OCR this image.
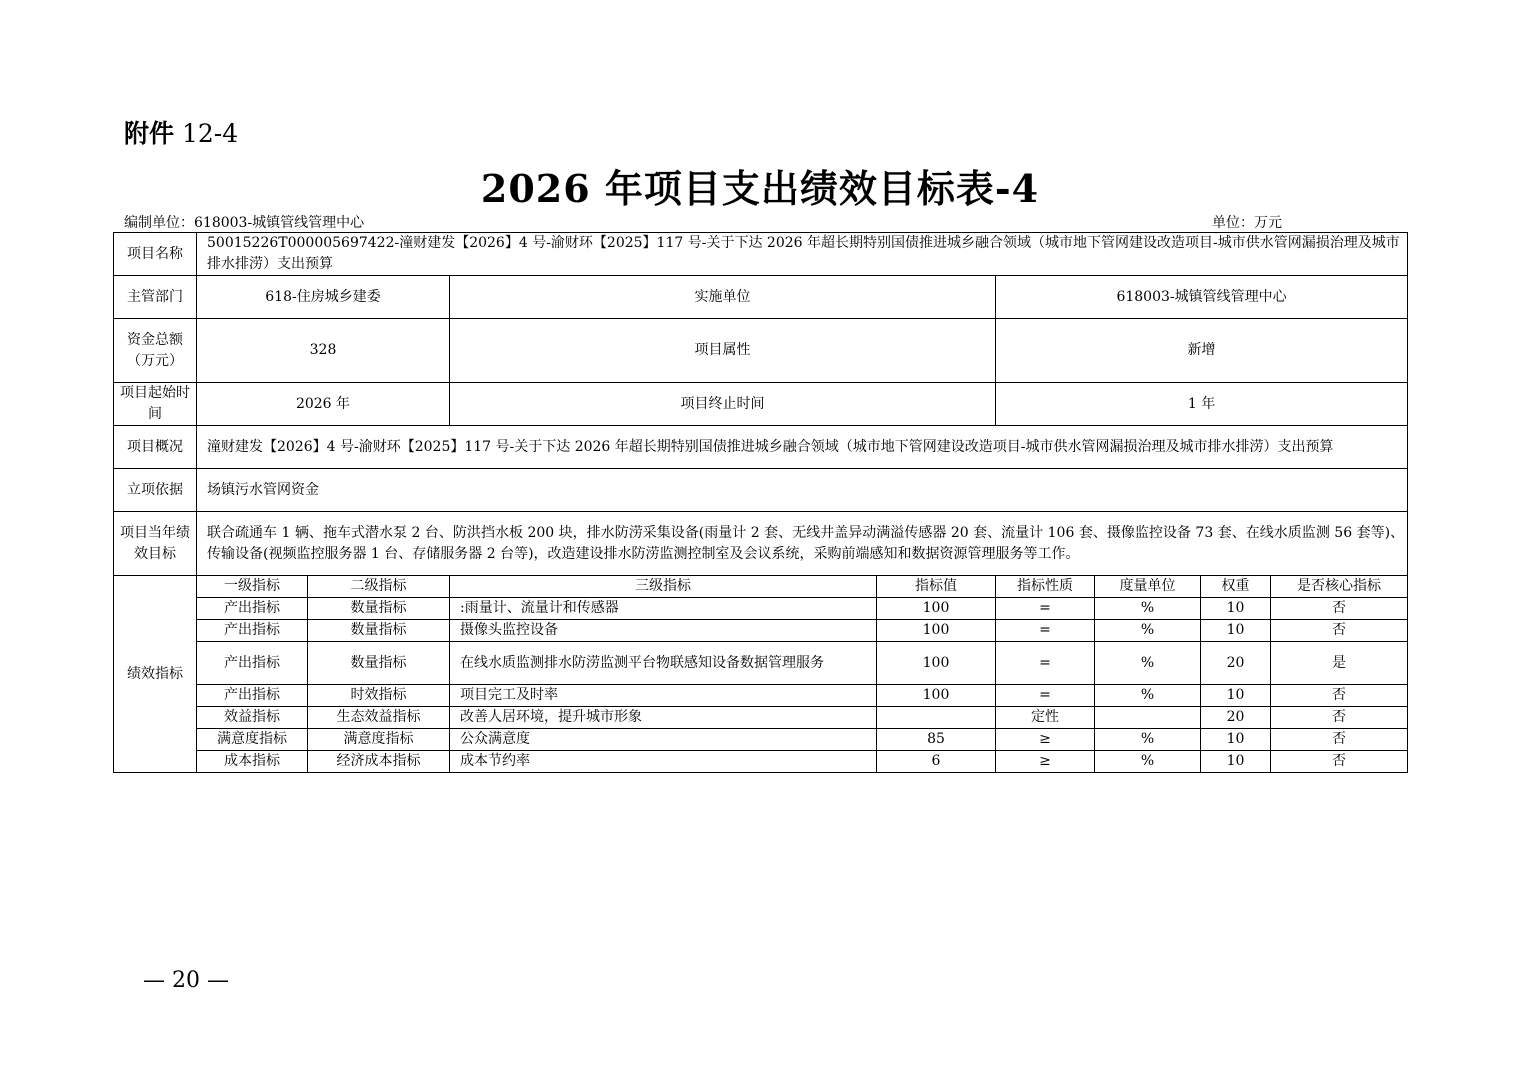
附件 12-4
2026 年项目支出绩效目标表-4
编制单位：618003-城镇管线管理中心	单位：万元
项目名称	50015226T000005697422-潼财建发【2026】4 号-渝财环【2025】117 号-关于下达 2026 年超长期特别国债推进城乡融合领域（城市地下管网建设改造项目-城市供水管网漏损治理及城市排水排涝）支出预算							
主管部门	618-住房城乡建委		实施单位		618003-城镇管线管理中心			
资金总额（万元）	328		项目属性		新增			
项目起始时间	2026 年		项目终止时间		1 年			
项目概况	潼财建发【2026】4 号-渝财环【2025】117 号-关于下达 2026 年超长期特别国债推进城乡融合领域（城市地下管网建设改造项目-城市供水管网漏损治理及城市排水排涝）支出预算							
立项依据	场镇污水管网资金							
项目当年绩效目标	联合疏通车 1 辆、拖车式潜水泵 2 台、防洪挡水板 200 块，排水防涝采集设备(雨量计 2 套、无线井盖异动满溢传感器 20 套、流量计 106 套、摄像监控设备 73 套、在线水质监测 56 套等)、传输设备(视频监控服务器 1 台、存储服务器 2 台等)，改造建设排水防涝监测控制室及会议系统，采购前端感知和数据资源管理服务等工作。							
绩效指标	一级指标	二级指标	三级指标	指标值	指标性质	度量单位	权重	是否核心指标
	产出指标	数量指标	:雨量计、流量计和传感器	100	=	%	10	否
	产出指标	数量指标	摄像头监控设备	100	=	%	10	否
	产出指标	数量指标	在线水质监测排水防涝监测平台物联感知设备数据管理服务	100	=	%	20	是
	产出指标	时效指标	项目完工及时率	100	=	%	10	否
	效益指标	生态效益指标	改善人居环境，提升城市形象		定性		20	否
	满意度指标	满意度指标	公众满意度	85	≥	%	10	否
	成本指标	经济成本指标	成本节约率	6	≥	%	10	否
— 20 —
